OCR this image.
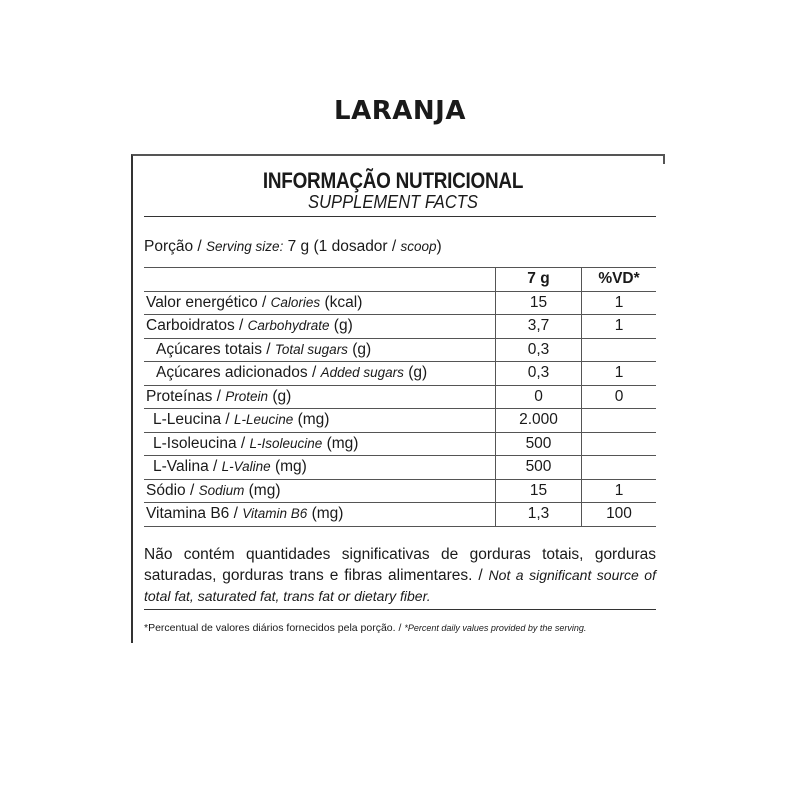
LARANJA
INFORMAÇÃO NUTRICIONAL
SUPPLEMENT FACTS
Porção / Serving size: 7 g (1 dosador / scoop)
	7 g	%VD*
Valor energético / Calories (kcal)	15	1
Carboidratos / Carbohydrate (g)	3,7	1
Açúcares totais / Total sugars (g)	0,3	
Açúcares adicionados / Added sugars (g)	0,3	1
Proteínas / Protein (g)	0	0
L-Leucina / L-Leucine (mg)	2.000	
L-Isoleucina / L-Isoleucine (mg)	500	
L-Valina / L-Valine (mg)	500	
Sódio / Sodium (mg)	15	1
Vitamina B6 / Vitamin B6 (mg)	1,3	100
Não contém quantidades significativas de gorduras totais, gorduras saturadas, gorduras trans e fibras alimentares. / Not a significant source of total fat, saturated fat, trans fat or dietary fiber.
*Percentual de valores diários fornecidos pela porção. / *Percent daily values provided by the serving.
